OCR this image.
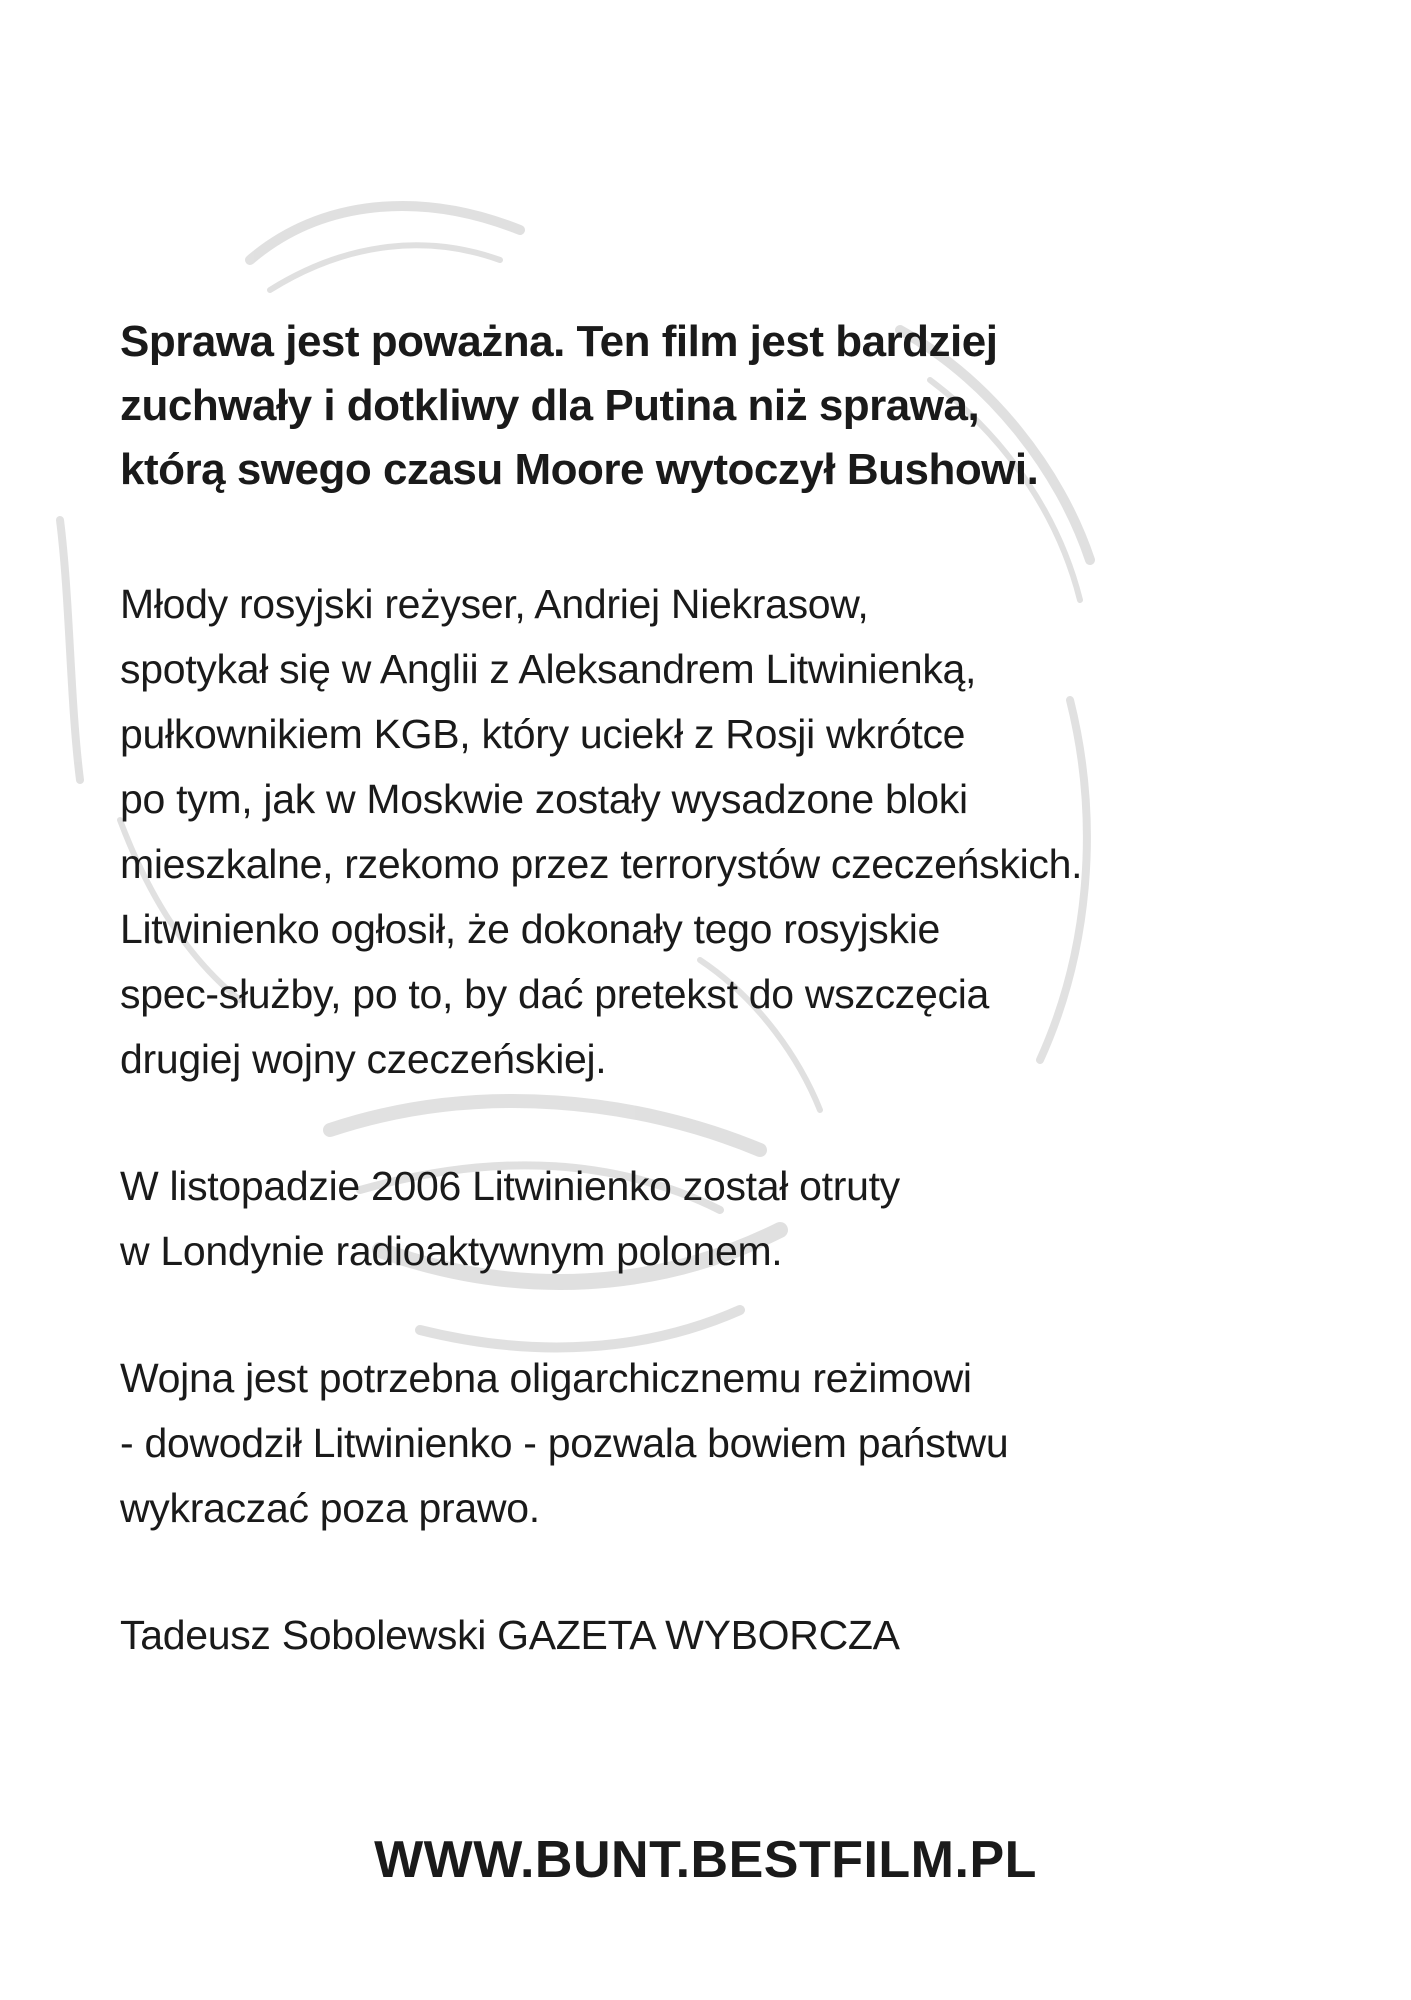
Sprawa jest poważna. Ten film jest bardziej
zuchwały i dotkliwy dla Putina niż sprawa,
którą swego czasu Moore wytoczył Bushowi.

Młody rosyjski reżyser, Andriej Niekrasow,
spotykał się w Anglii z Aleksandrem Litwinienką,
pułkownikiem KGB, który uciekł z Rosji wkrótce
po tym, jak w Moskwie zostały wysadzone bloki
mieszkalne, rzekomo przez terrorystów czeczeńskich.
Litwinienko ogłosił, że dokonały tego rosyjskie
spec-służby, po to, by dać pretekst do wszczęcia
drugiej wojny czeczeńskiej.

W listopadzie 2006 Litwinienko został otruty
w Londynie radioaktywnym polonem.

Wojna jest potrzebna oligarchicznemu reżimowi
- dowodził Litwinienko - pozwala bowiem państwu
wykraczać poza prawo.

Tadeusz Sobolewski GAZETA WYBORCZA

WWW.BUNT.BESTFILM.PL
